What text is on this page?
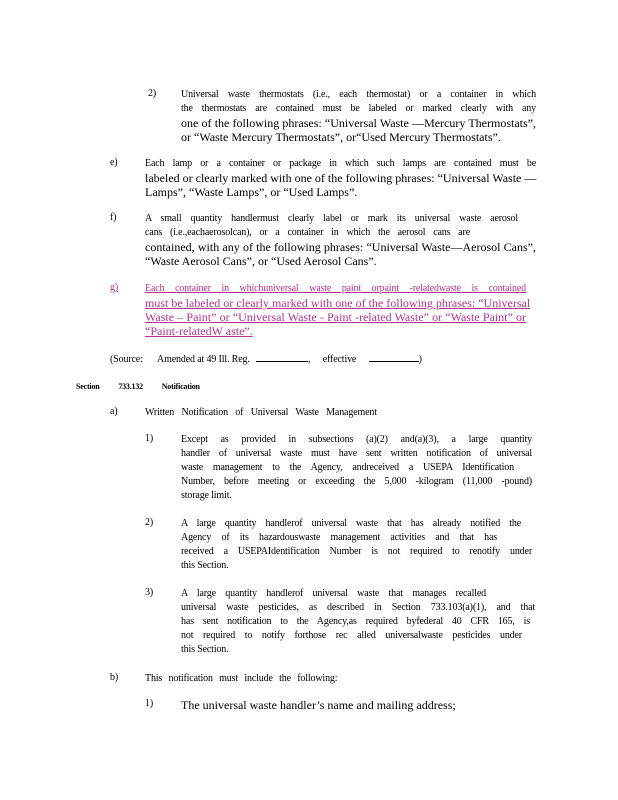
2) Universal waste thermostats (i.e., each thermostat) or a container in which
the thermostats are contained must be labeled or marked clearly with any
one of the following phrases: “Universal Waste —Mercury Thermostats”,
or “Waste Mercury Thermostats”, or“Used Mercury Thermostats”.
e)	Each lamp or a container or package in which such lamps are contained must be
labeled or clearly marked with one of the following phrases: “Universal Waste —
Lamps”, “Waste Lamps”, or “Used Lamps”.
f)	A small quantity handlermust clearly label or mark its universal waste aerosol
cans (i.e.,eachaerosolcan), or a container in which the aerosol cans are
contained, with any of the following phrases: “Universal Waste—Aerosol Cans”,
“Waste Aerosol Cans”, or “Used Aerosol Cans”.
g)	Each container in whichuniversal waste paint orpaint -relatedwaste is contained
must be labeled or clearly marked with one of the following phrases: “Universal
Waste – Paint” or “Universal Waste - Paint -related Waste” or “Waste Paint” or
“Paint-relatedW aste”.
(Source: Amended at 49 Ill. Reg.	, effective	)
Section 733.132 Notification
a)	Written Notification of Universal Waste Management
1)	Except as provided in subsections (a)(2) and(a)(3), a large quantity
handler of universal waste must have sent written notification of universal
waste management to the Agency, andreceived a USEPA Identification
Number, before meeting or exceeding the 5,000 -kilogram (11,000 -pound)
storage limit.
2)	A large quantity handlerof universal waste that has already notified the
Agency of its hazardouswaste management activities and that has
received a USEPAIdentification Number is not required to renotify under
this Section.
3)	A large quantity handlerof universal waste that manages recalled
universal waste pesticides, as described in Section 733.103(a)(1), and that
has sent notification to the Agency,as required byfederal 40 CFR 165, is
not required to notify forthose rec alled universalwaste pesticides under
this Section.
b)	This notification must include the following:
1) The universal waste handler’s name and mailing address;
